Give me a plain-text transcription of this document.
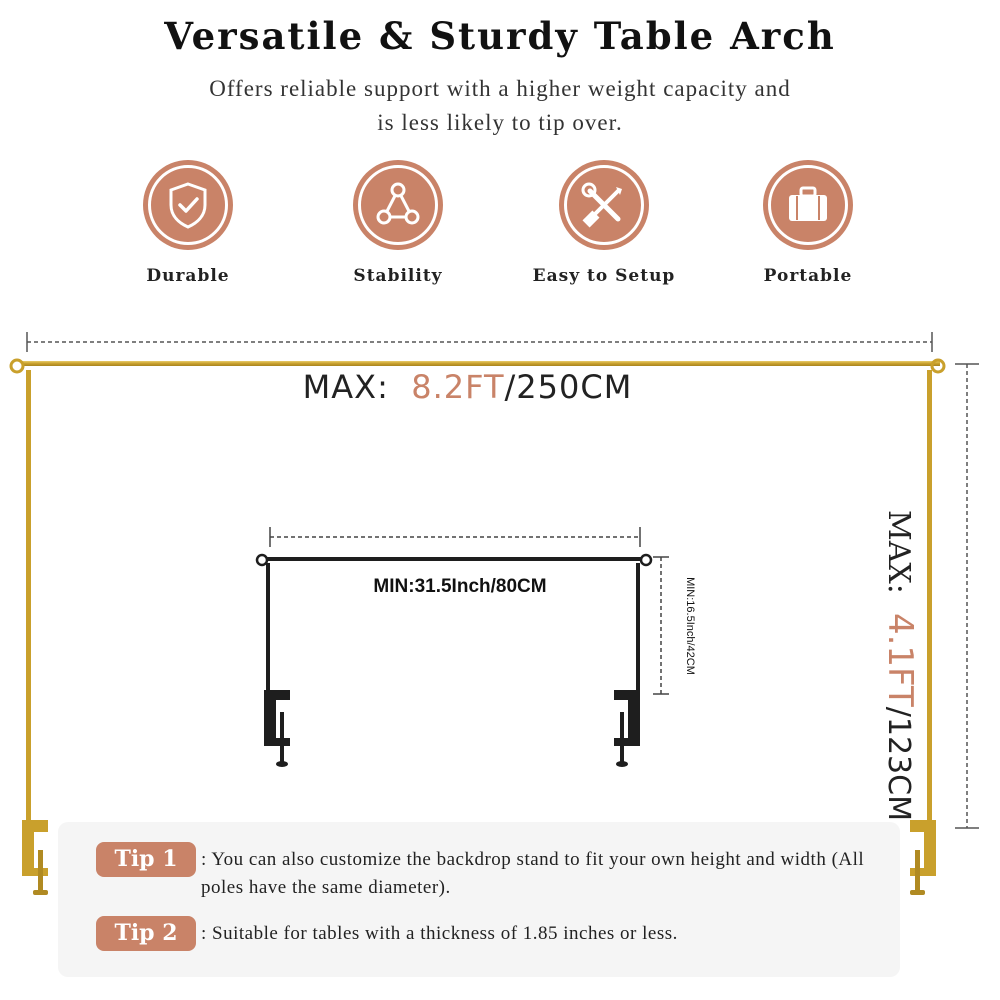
Versatile & Sturdy Table Arch
Offers reliable support with a higher weight capacity and is less likely to tip over.
Durable	Stability	Easy to Setup	Portable
MAX: 8.2FT/250CM
MAX:  4.1FT/123CM
MIN:31.5Inch/80CM	MIN:16.5Inch/42CM
Tip 1	: You can also customize the backdrop stand to fit your own height and width (All poles have the same diameter).
Tip 2	: Suitable for tables with a thickness of 1.85 inches or less.
